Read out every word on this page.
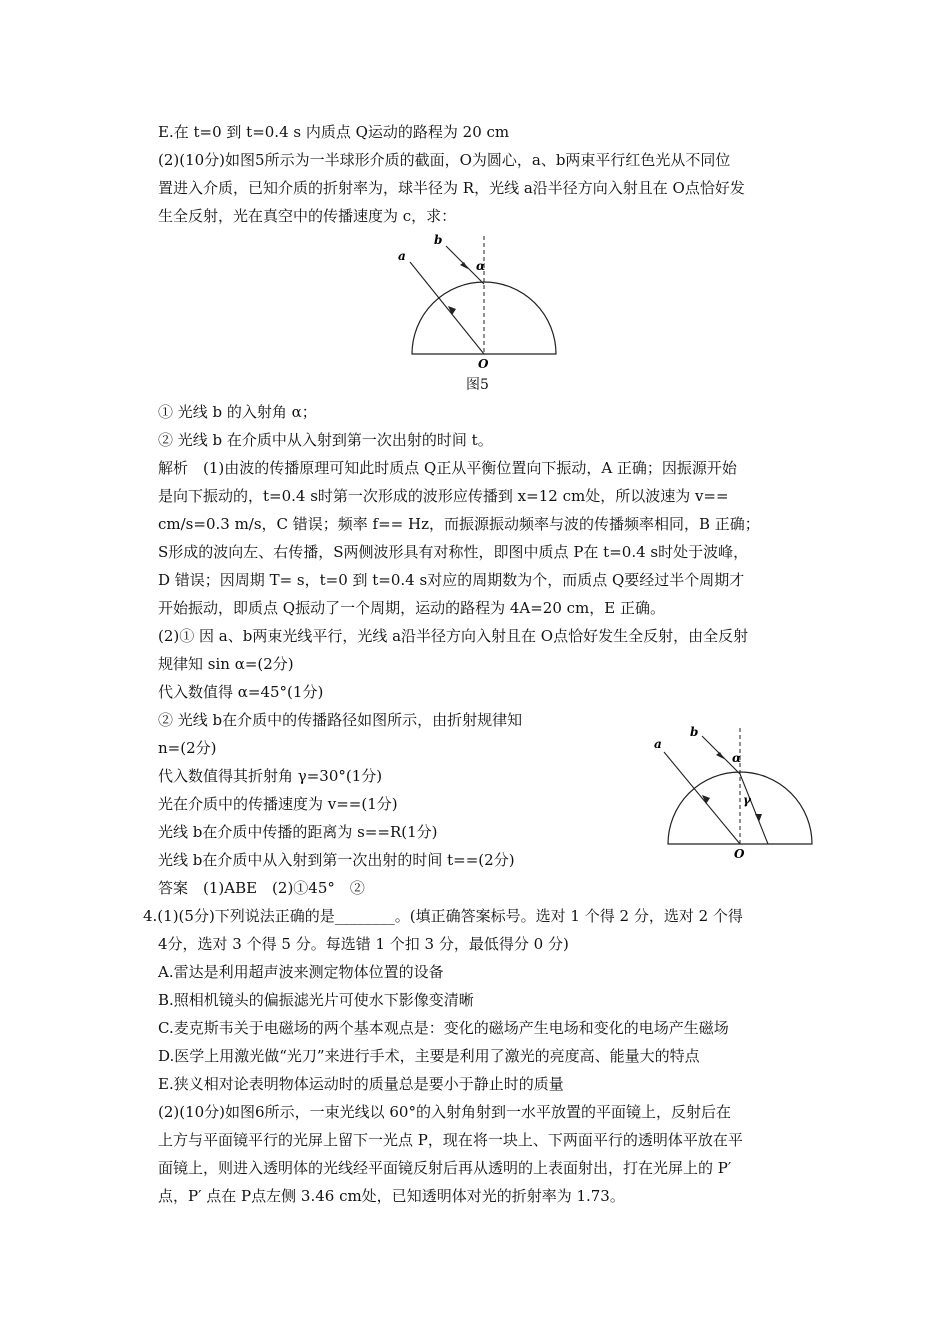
E.在 t=0 到 t=0.4 s 内质点 Q运动的路程为 20 cm
(2)(10分)如图5所示为一半球形介质的截面，O为圆心，a、b两束平行红色光从不同位
置进入介质，已知介质的折射率为，球半径为 R，光线 a沿半径方向入射且在 O点恰好发
生全反射，光在真空中的传播速度为 c，求：
a
b
α
O
图5
① 光线 b 的入射角 α；
② 光线 b 在介质中从入射到第一次出射的时间 t。
解析　(1)由波的传播原理可知此时质点 Q正从平衡位置向下振动，A 正确；因振源开始
是向下振动的，t=0.4 s时第一次形成的波形应传播到 x=12 cm处，所以波速为 v==
cm/s=0.3 m/s，C 错误；频率 f== Hz，而振源振动频率与波的传播频率相同，B 正确；
S形成的波向左、右传播，S两侧波形具有对称性，即图中质点 P在 t=0.4 s时处于波峰，
D 错误；因周期 T= s，t=0 到 t=0.4 s对应的周期数为个，而质点 Q要经过半个周期才
开始振动，即质点 Q振动了一个周期，运动的路程为 4A=20 cm，E 正确。
(2)① 因 a、b两束光线平行，光线 a沿半径方向入射且在 O点恰好发生全反射，由全反射
规律知 sin α=(2分)
代入数值得 α=45°(1分)
② 光线 b在介质中的传播路径如图所示，由折射规律知
n=(2分)
代入数值得其折射角 γ=30°(1分)
光在介质中的传播速度为 v==(1分)
光线 b在介质中传播的距离为 s==R(1分)
光线 b在介质中从入射到第一次出射的时间 t==(2分)
答案　(1)ABE　(2)①45°　②
a
b
α
γ
O
4.(1)(5分)下列说法正确的是________。(填正确答案标号。选对 1 个得 2 分，选对 2 个得
4分，选对 3 个得 5 分。每选错 1 个扣 3 分，最低得分 0 分)
A.雷达是利用超声波来测定物体位置的设备
B.照相机镜头的偏振滤光片可使水下影像变清晰
C.麦克斯韦关于电磁场的两个基本观点是：变化的磁场产生电场和变化的电场产生磁场
D.医学上用激光做“光刀”来进行手术，主要是利用了激光的亮度高、能量大的特点
E.狭义相对论表明物体运动时的质量总是要小于静止时的质量
(2)(10分)如图6所示，一束光线以 60°的入射角射到一水平放置的平面镜上，反射后在
上方与平面镜平行的光屏上留下一光点 P，现在将一块上、下两面平行的透明体平放在平
面镜上，则进入透明体的光线经平面镜反射后再从透明的上表面射出，打在光屏上的 P′
点，P′ 点在 P点左侧 3.46 cm处，已知透明体对光的折射率为 1.73。
